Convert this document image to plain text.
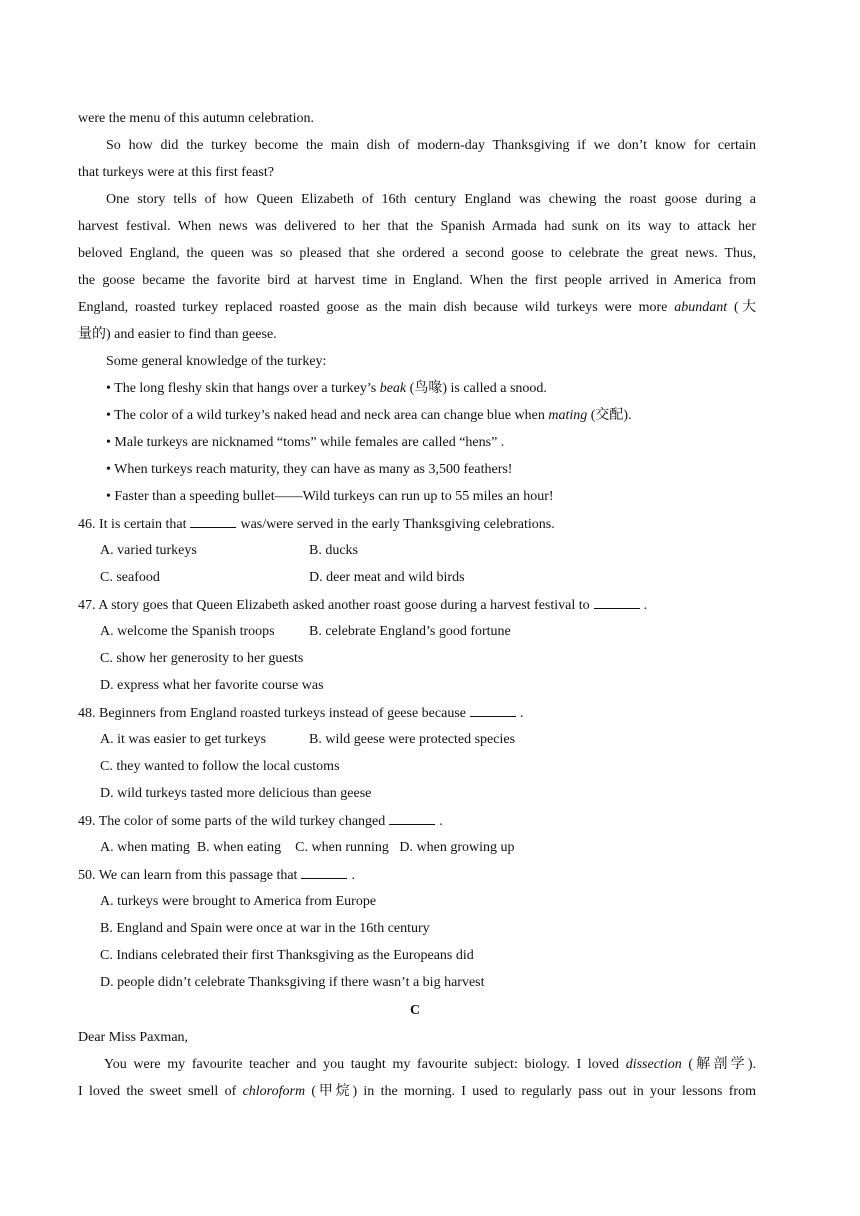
were the menu of this autumn celebration.
So how did the turkey become the main dish of modern-day Thanksgiving if we don’t know for certain
that turkeys were at this first feast?
One story tells of how Queen Elizabeth of 16th century England was chewing the roast goose during a
harvest festival. When news was delivered to her that the Spanish Armada had sunk on its way to attack her
beloved England, the queen was so pleased that she ordered a second goose to celebrate the great news. Thus,
the goose became the favorite bird at harvest time in England. When the first people arrived in America from
England, roasted turkey replaced roasted goose as the main dish because wild turkeys were more abundant (大
量的) and easier to find than geese.
Some general knowledge of the turkey:
• The long fleshy skin that hangs over a turkey’s beak (鸟喙) is called a snood.
• The color of a wild turkey’s naked head and neck area can change blue when mating (交配).
• Male turkeys are nicknamed “toms” while females are called “hens” .
• When turkeys reach maturity, they can have as many as 3,500 feathers!
• Faster than a speeding bullet——Wild turkeys can run up to 55 miles an hour!
46. It is certain that	was/were served in the early Thanksgiving celebrations.
A. varied turkeys	B. ducks
C. seafood	D. deer meat and wild birds
47. A story goes that Queen Elizabeth asked another roast goose during a harvest festival to	.
A. welcome the Spanish troops B. celebrate England’s good fortune
C. show her generosity to her guests
D. express what her favorite course was
48. Beginners from England roasted turkeys instead of geese because	.
A. it was easier to get turkeys	B. wild geese were protected species
C. they wanted to follow the local customs
D. wild turkeys tasted more delicious than geese
49. The color of some parts of the wild turkey changed	.
A. when mating  B. when eating    C. when running   D. when growing up
50. We can learn from this passage that	.
A. turkeys were brought to America from Europe
B. England and Spain were once at war in the 16th century
C. Indians celebrated their first Thanksgiving as the Europeans did
D. people didn’t celebrate Thanksgiving if there wasn’t a big harvest
C
Dear Miss Paxman,
You were my favourite teacher and you taught my favourite subject: biology. I loved dissection (解剖学).
I loved the sweet smell of chloroform (甲烷) in the morning. I used to regularly pass out in your lessons from
